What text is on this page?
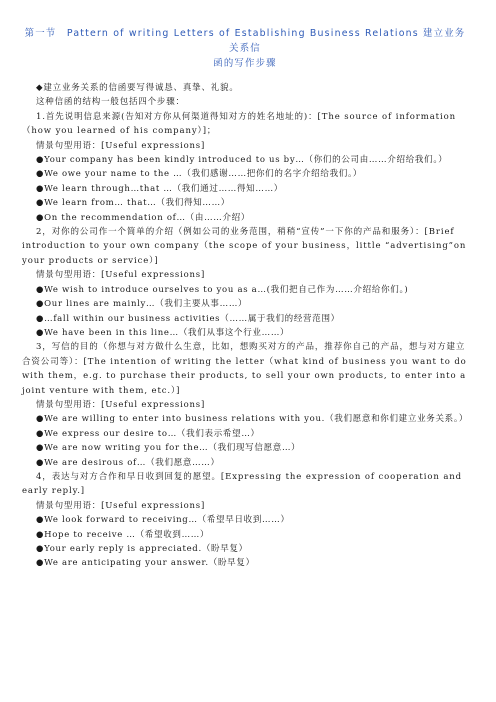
第一节　Pattern of writing Letters of Establishing Business Relations 建立业务关系信
函的写作步骤

◆建立业务关系的信函要写得诚恳、真挚、礼貌。

这种信函的结构一般包括四个步骤：

1.首先说明信息来源(告知对方你从何渠道得知对方的姓名地址的)：[The source of information（how you learned of his company）]；

情景句型用语：[Useful expressions]

●Your company has been kindly introduced to us by…（你们的公司由……介绍给我们。）

●We owe your name to the …（我们感谢……把你们的名字介绍给我们。）

●We learn through…that …（我们通过……得知……）

●We learn from… that…（我们得知……）

●On the recommendation of…（由……介绍）

2，对你的公司作一个简单的介绍（例如公司的业务范围，稍稍“宣传”一下你的产品和服务）：[Brief introduction to your own company（the scope of your business，little “advertising”on your products or service）]

情景句型用语：[Useful expressions]

●We wish to introduce ourselves to you as a…(我们把自己作为……介绍给你们。)

●Our lines are mainly…（我们主要从事……）

●…fall within our business activities（……属于我们的经营范围）

●We have been in this line…（我们从事这个行业……）

3，写信的目的（你想与对方做什么生意，比如，想购买对方的产品，推荐你自己的产品，想与对方建立合资公司等）：[The intention of writing the letter（what kind of business you want to do with them，e.g. to purchase their products, to sell your own products, to enter into a joint venture with them, etc.）]

情景句型用语：[Useful expressions]

●We are willing to enter into business relations with you.（我们愿意和你们建立业务关系。）

●We express our desire to…（我们表示希望…）

●We are now writing you for the…（我们现写信愿意…）

●We are desirous of…（我们愿意……）

4，表达与对方合作和早日收到回复的愿望。[Expressing the expression of cooperation and early reply.]

情景句型用语：[Useful expressions]

●We look forward to receiving…（希望早日收到……）

●Hope to receive …（希望收到……）

●Your early reply is appreciated.（盼早复）

●We are anticipating your answer.（盼早复）
